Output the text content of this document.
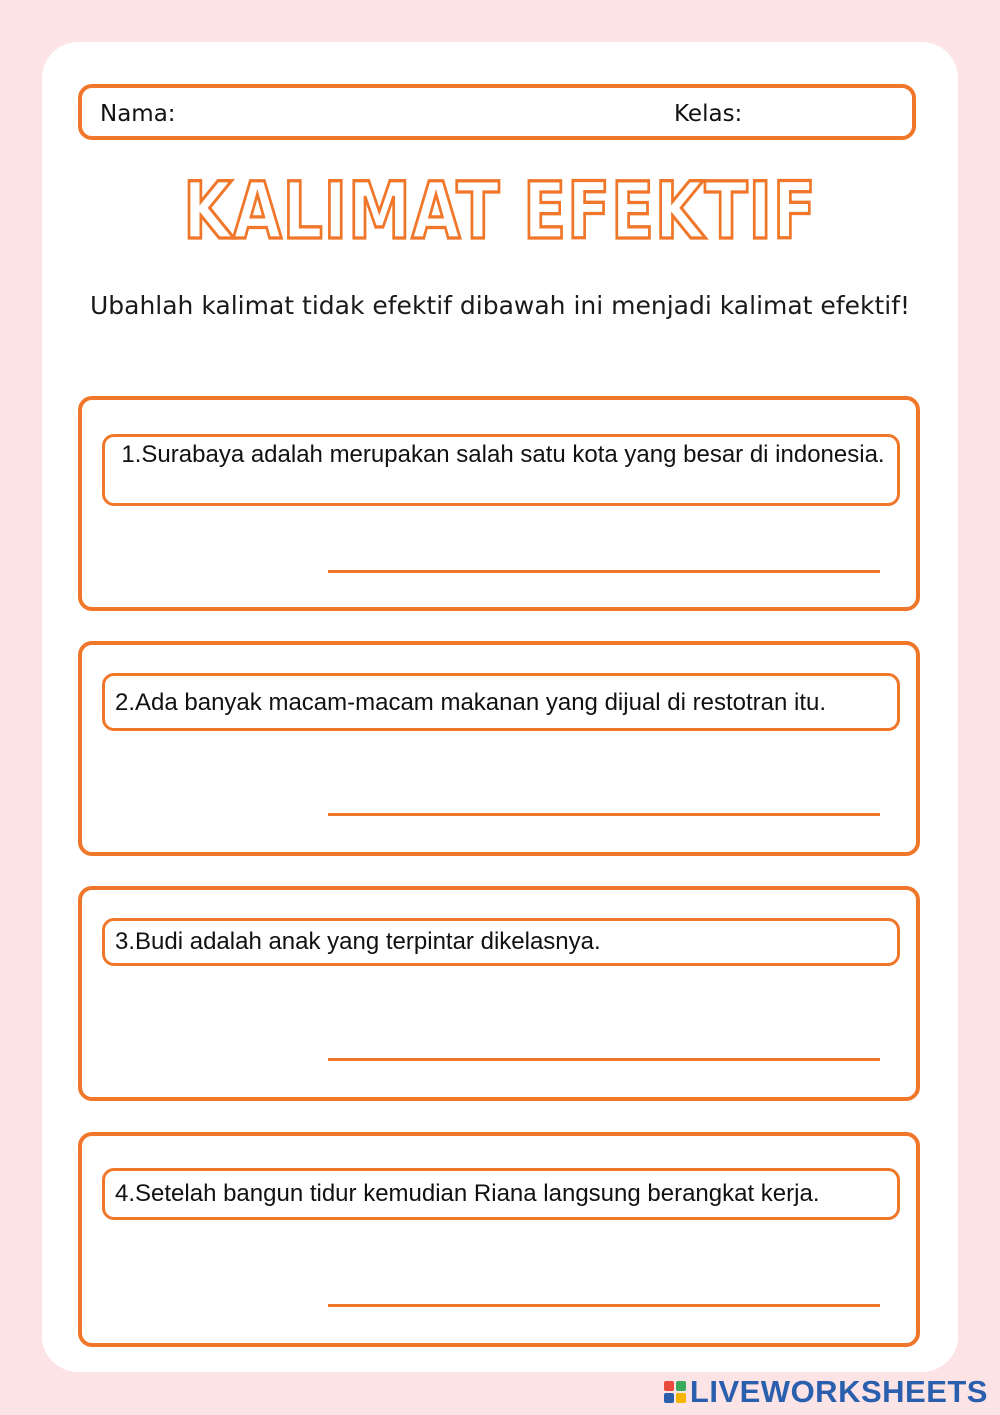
Nama:	Kelas:
KALIMAT EFEKTIF
Ubahlah kalimat tidak efektif dibawah ini menjadi kalimat efektif!
1.Surabaya adalah merupakan salah satu kota yang besar di indonesia.
2.Ada banyak macam-macam makanan yang dijual di restotran itu.
3.Budi adalah anak yang terpintar dikelasnya.
4.Setelah bangun tidur kemudian Riana langsung berangkat kerja.
LIVEWORKSHEETS
